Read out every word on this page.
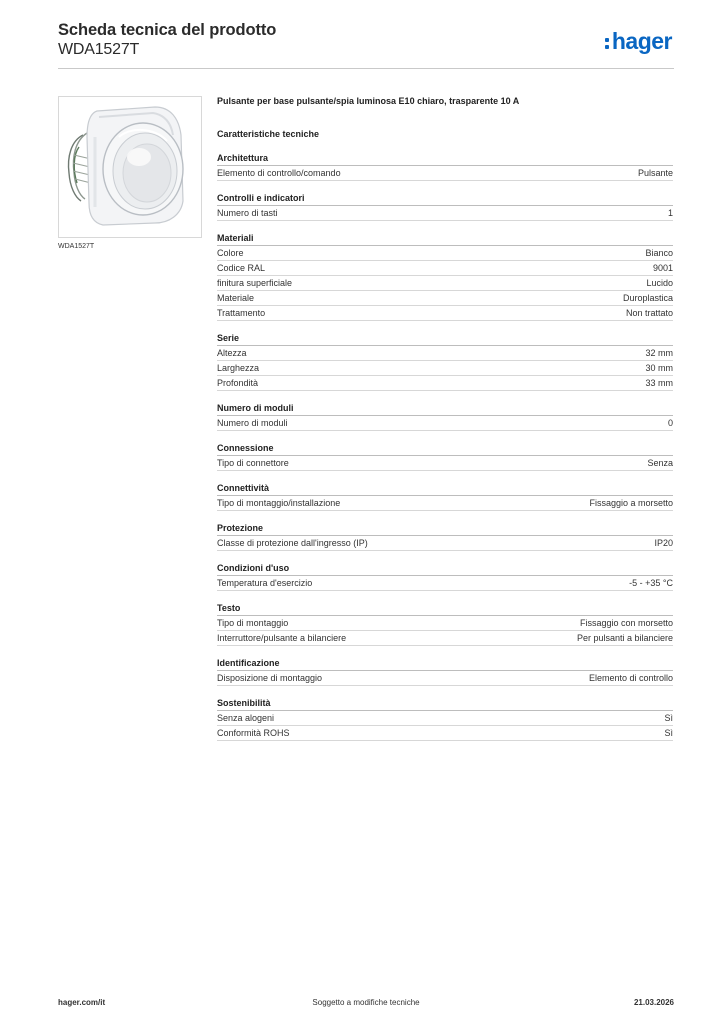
Scheda tecnica del prodotto
WDA1527T	hager
WDA1527T
Pulsante per base pulsante/spia luminosa E10 chiaro, trasparente 10 A
Caratteristiche tecniche
Architettura
Elemento di controllo/comando	Pulsante
Controlli e indicatori
Numero di tasti	1
Materiali
Colore	Bianco
Codice RAL	9001
finitura superficiale	Lucido
Materiale	Duroplastica
Trattamento	Non trattato
Serie
Altezza	32 mm
Larghezza	30 mm
Profondità	33 mm
Numero di moduli
Numero di moduli	0
Connessione
Tipo di connettore	Senza
Connettività
Tipo di montaggio/installazione	Fissaggio a morsetto
Protezione
Classe di protezione dall'ingresso (IP)	IP20
Condizioni d'uso
Temperatura d'esercizio	-5 - +35 °C
Testo
Tipo di montaggio	Fissaggio con morsetto
Interruttore/pulsante a bilanciere	Per pulsanti a bilanciere
Identificazione
Disposizione di montaggio	Elemento di controllo
Sostenibilità
Senza alogeni	Sì
Conformità ROHS	Sì
hager.com/it	Soggetto a modifiche tecniche	21.03.2026
